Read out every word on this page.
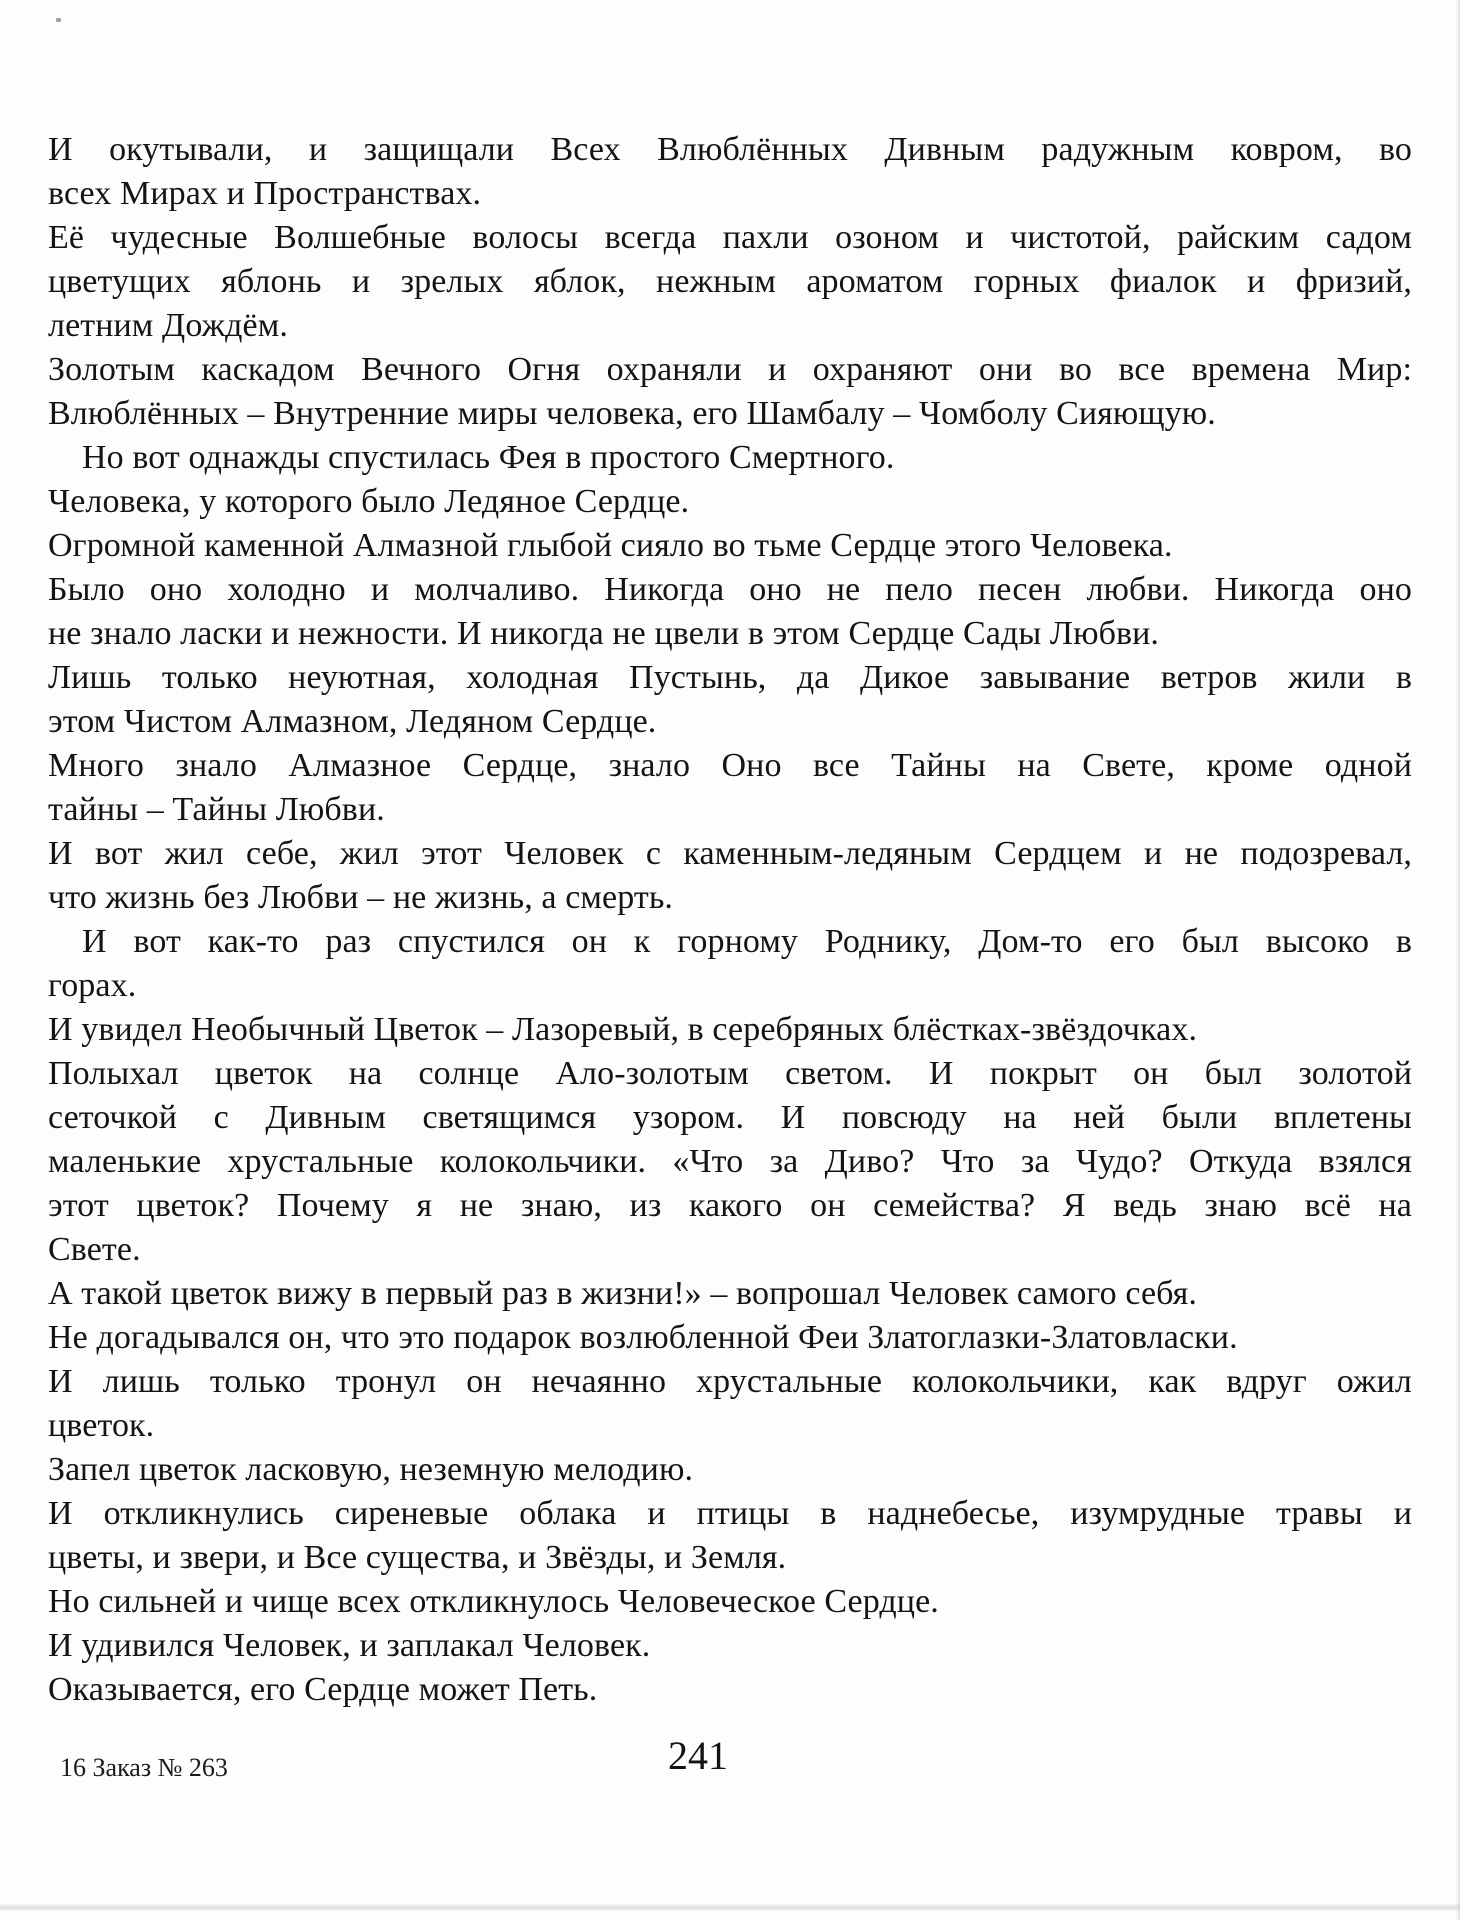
И окутывали, и защищали Всех Влюблённых Дивным радужным ковром, во
всех Мирах и Пространствах.
Её чудесные Волшебные волосы всегда пахли озоном и чистотой, райским садом
цветущих яблонь и зрелых яблок, нежным ароматом горных фиалок и фризий,
летним Дождём.
Золотым каскадом Вечного Огня охраняли и охраняют они во все времена Мир:
Влюблённых – Внутренние миры человека, его Шамбалу – Чомболу Сияющую.
Но вот однажды спустилась Фея в простого Смертного.
Человека, у которого было Ледяное Сердце.
Огромной каменной Алмазной глыбой сияло во тьме Сердце этого Человека.
Было оно холодно и молчаливо. Никогда оно не пело песен любви. Никогда оно
не знало ласки и нежности. И никогда не цвели в этом Сердце Сады Любви.
Лишь только неуютная, холодная Пустынь, да Дикое завывание ветров жили в
этом Чистом Алмазном, Ледяном Сердце.
Много знало Алмазное Сердце, знало Оно все Тайны на Свете, кроме одной
тайны – Тайны Любви.
И вот жил себе, жил этот Человек с каменным-ледяным Сердцем и не подозревал,
что жизнь без Любви – не жизнь, а смерть.
И вот как-то раз спустился он к горному Роднику, Дом-то его был высоко в
горах.
И увидел Необычный Цветок – Лазоревый, в серебряных блёстках-звёздочках.
Полыхал цветок на солнце Ало-золотым светом. И покрыт он был золотой
сеточкой с Дивным светящимся узором. И повсюду на ней были вплетены
маленькие хрустальные колокольчики. «Что за Диво? Что за Чудо? Откуда взялся
этот цветок? Почему я не знаю, из какого он семейства? Я ведь знаю всё на
Свете.
А такой цветок вижу в первый раз в жизни!» – вопрошал Человек самого себя.
Не догадывался он, что это подарок возлюбленной Феи Златоглазки-Златовласки.
И лишь только тронул он нечаянно хрустальные колокольчики, как вдруг ожил
цветок.
Запел цветок ласковую, неземную мелодию.
И откликнулись сиреневые облака и птицы в наднебесье, изумрудные травы и
цветы, и звери, и Все существа, и Звёзды, и Земля.
Но сильней и чище всех откликнулось Человеческое Сердце.
И удивился Человек, и заплакал Человек.
Оказывается, его Сердце может Петь.
16 Заказ № 263	241
